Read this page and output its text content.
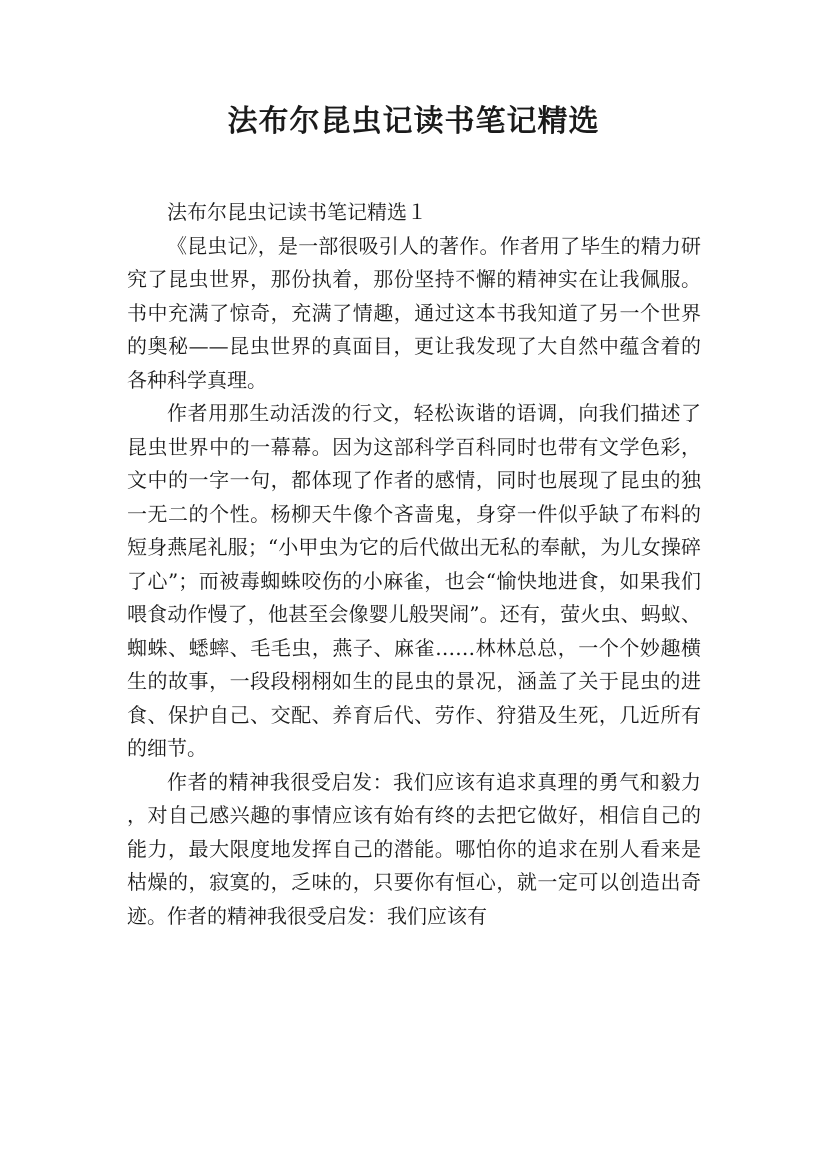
法布尔昆虫记读书笔记精选

法布尔昆虫记读书笔记精选１

《昆虫记》，是一部很吸引人的著作。作者用了毕生的精力研究了昆虫世界，那份执着，那份坚持不懈的精神实在让我佩服。书中充满了惊奇，充满了情趣，通过这本书我知道了另一个世界的奥秘——昆虫世界的真面目，更让我发现了大自然中蕴含着的各种科学真理。

作者用那生动活泼的行文，轻松诙谐的语调，向我们描述了昆虫世界中的一幕幕。因为这部科学百科同时也带有文学色彩，文中的一字一句，都体现了作者的感情，同时也展现了昆虫的独一无二的个性。杨柳天牛像个吝啬鬼，身穿一件似乎缺了布料的短身燕尾礼服；“小甲虫为它的后代做出无私的奉献，为儿女操碎了心”；而被毒蜘蛛咬伤的小麻雀，也会“愉快地进食，如果我们喂食动作慢了，他甚至会像婴儿般哭闹”。还有，萤火虫、蚂蚁、蜘蛛、蟋蟀、毛毛虫，燕子、麻雀……林林总总，一个个妙趣横生的故事，一段段栩栩如生的昆虫的景况，涵盖了关于昆虫的进食、保护自己、交配、养育后代、劳作、狩猎及生死，几近所有的细节。

作者的精神我很受启发：我们应该有追求真理的勇气和毅力，对自己感兴趣的事情应该有始有终的去把它做好，相信自己的能力，最大限度地发挥自己的潜能。哪怕你的追求在别人看来是枯燥的，寂寞的，乏味的，只要你有恒心，就一定可以创造出奇迹。作者的精神我很受启发：我们应该有
